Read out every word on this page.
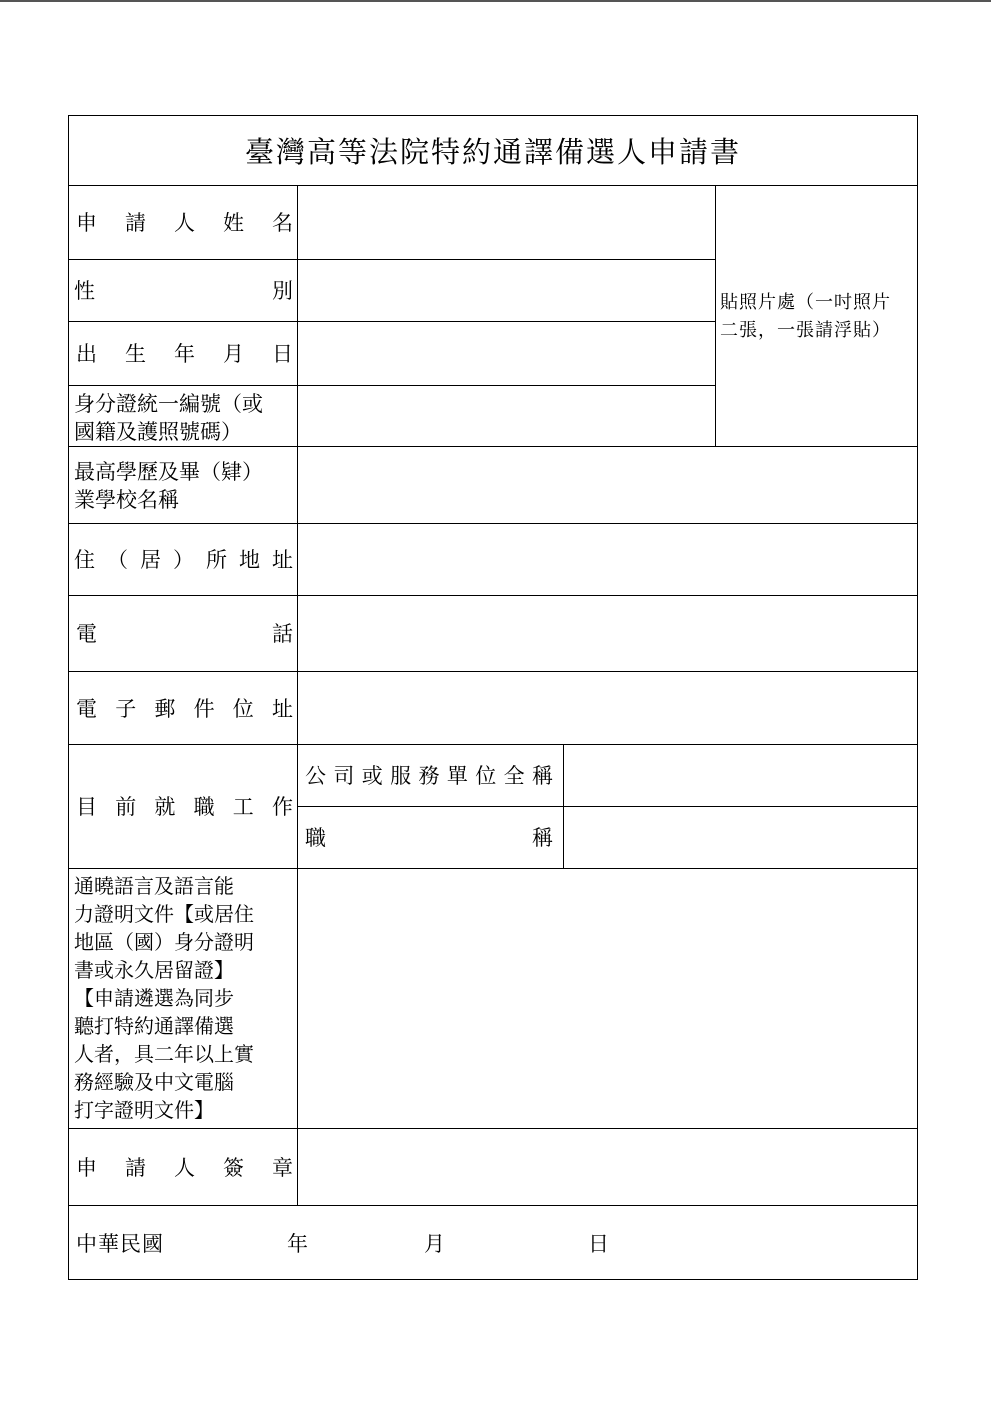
臺灣高等法院特約通譯備選人申請書
申 請 人 姓 名
性	別
出 生 年 月 日
身分證統一編號（或
國籍及護照號碼）
貼照片處（一吋照片
二張，一張請浮貼）
最高學歷及畢（肄）
業學校名稱
住 （ 居 ） 所 地 址
電	話
電 子 郵 件 位 址
目 前 就 職 工 作
公 司 或 服 務 單 位 全 稱
職	稱
通曉語言及語言能
力證明文件【或居住
地區（國）身分證明
書或永久居留證】
【申請遴選為同步
聽打特約通譯備選
人者，具二年以上實
務經驗及中文電腦
打字證明文件】
申 請 人 簽 章
中華民國	年	月	日
